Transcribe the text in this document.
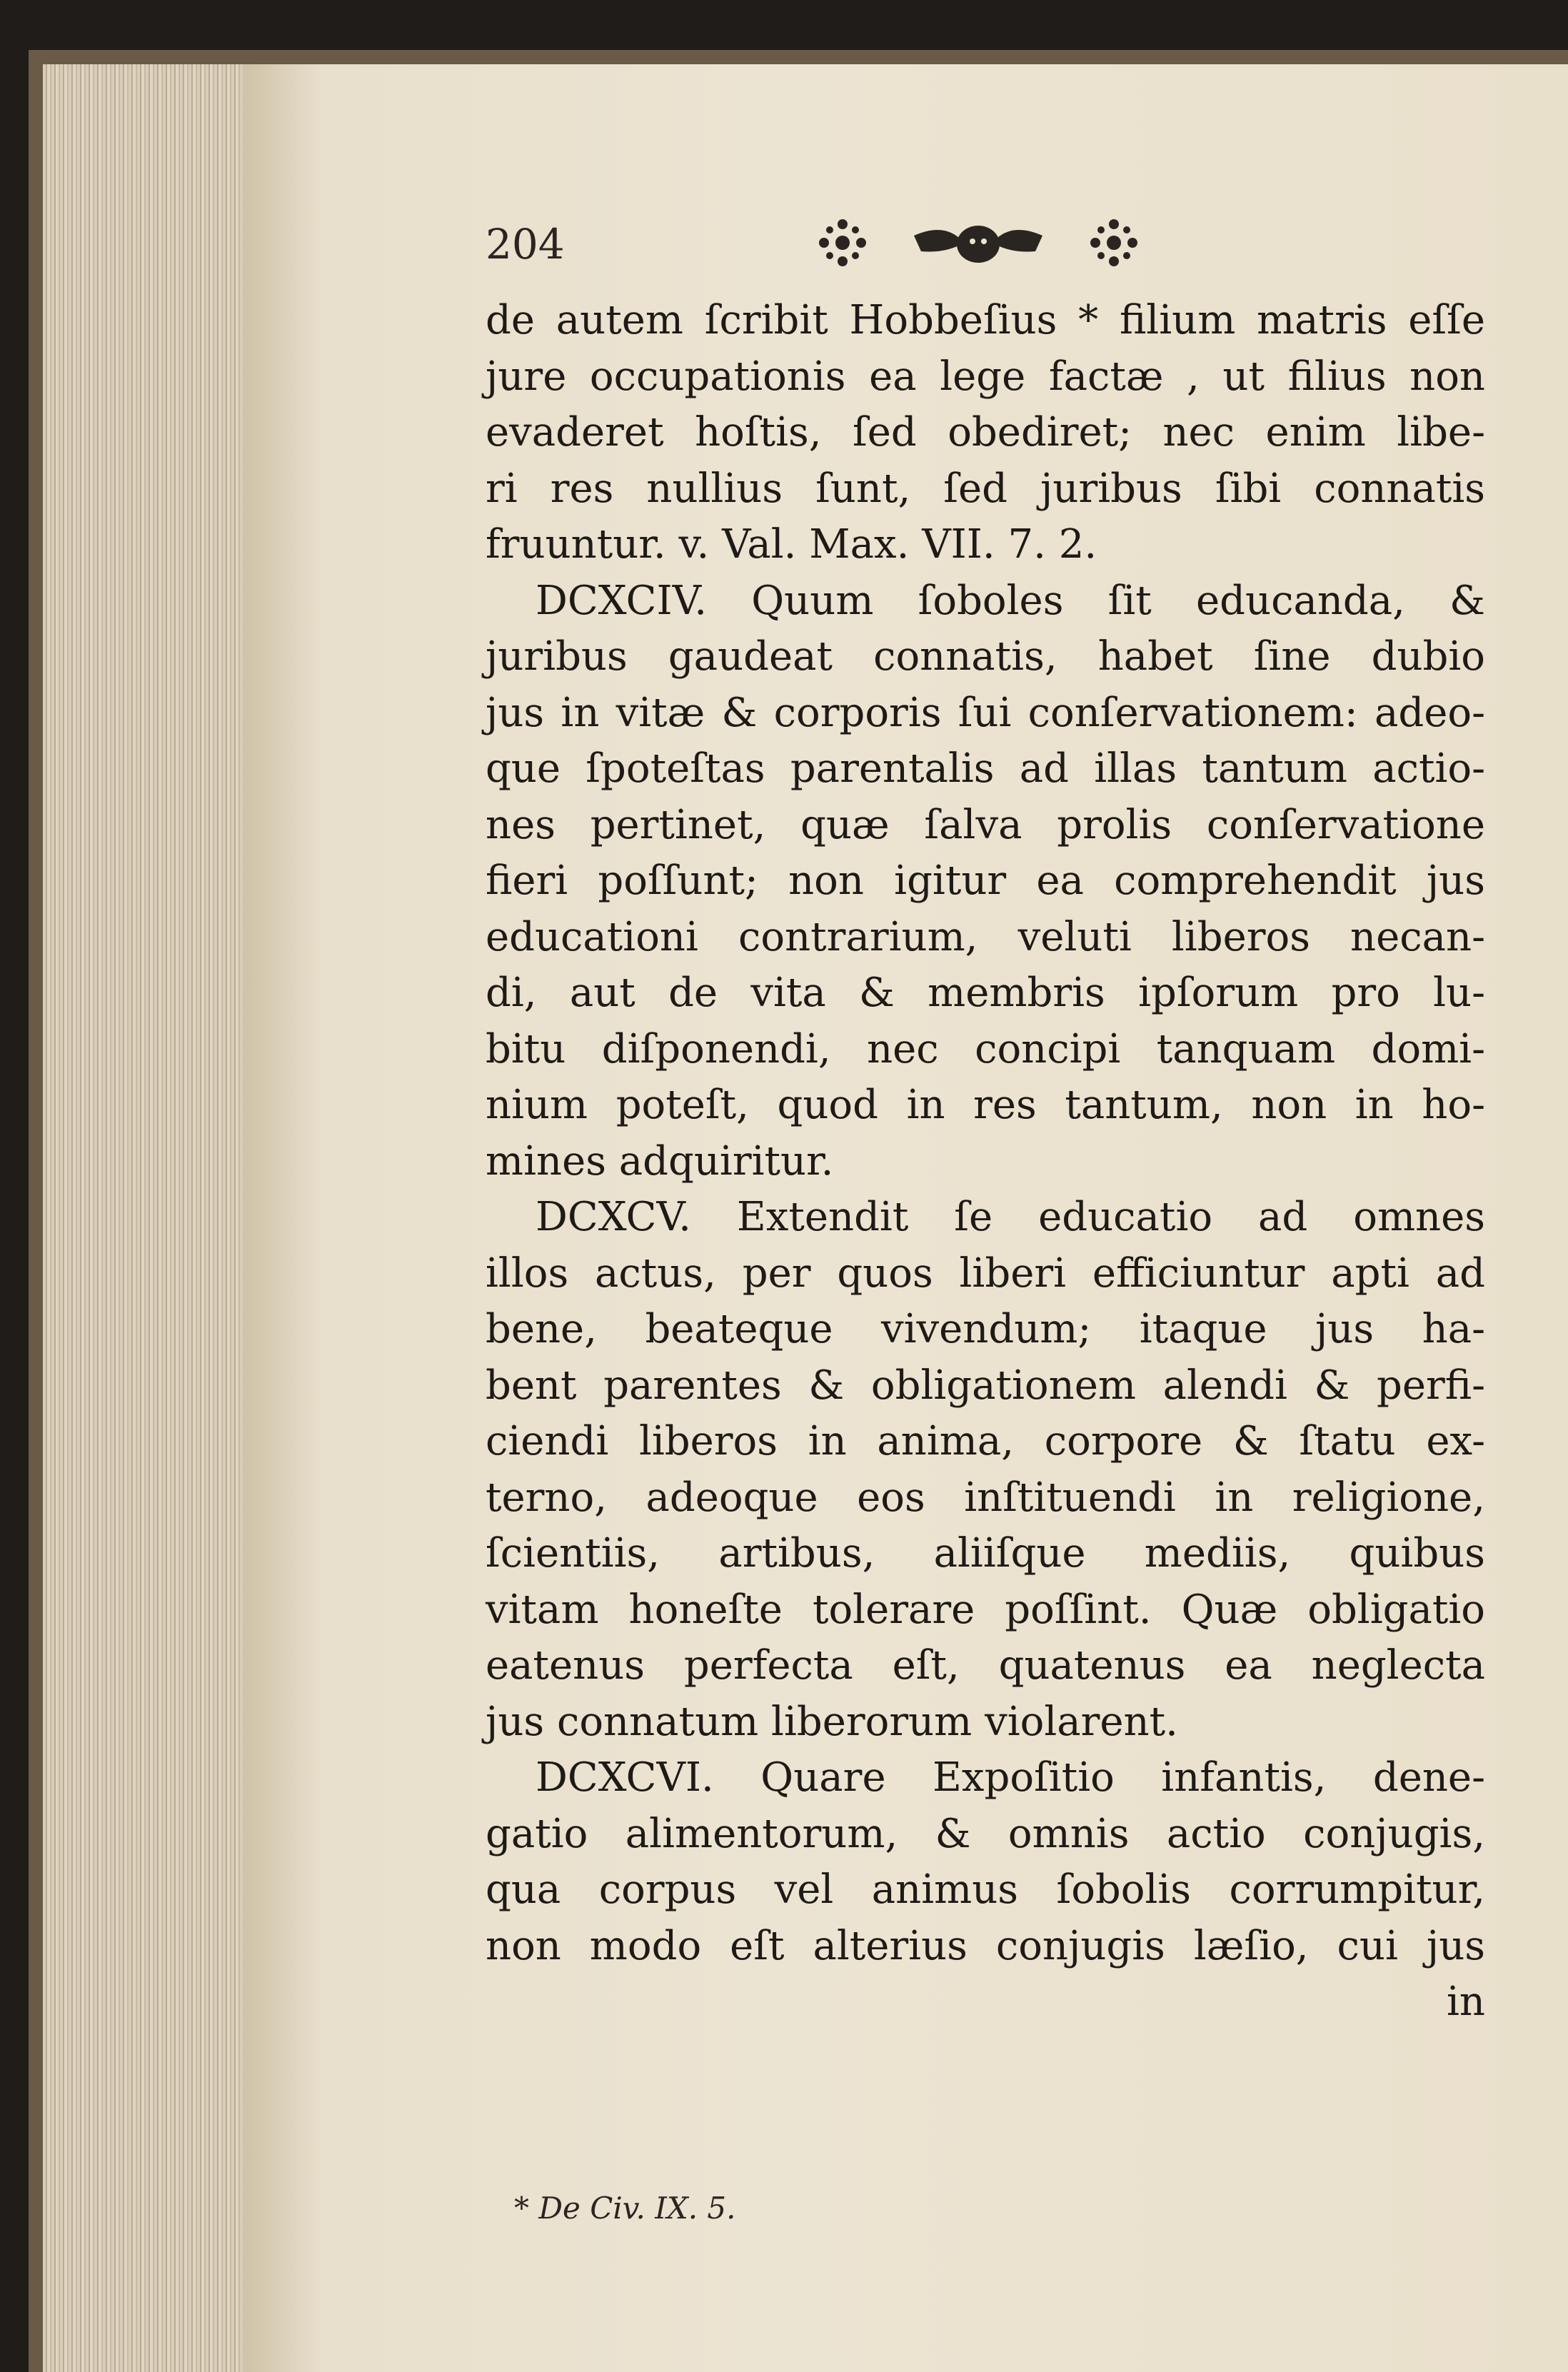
204
de autem ſcribit Hobbeſius * filium matris eſſe
jure occupationis ea lege factæ , ut filius non
evaderet hoſtis, ſed obediret; nec enim libe-
ri res nullius ſunt, ſed juribus ſibi connatis
fruuntur. v. Val. Max. VII. 7. 2.
DCXCIV. Quum ſoboles ſit educanda, &
juribus gaudeat connatis, habet ſine dubio
jus in vitæ & corporis ſui conſervationem: adeo-
que ſpoteſtas parentalis ad illas tantum actio-
nes pertinet, quæ ſalva prolis conſervatione
fieri poſſunt; non igitur ea comprehendit jus
educationi contrarium, veluti liberos necan-
di, aut de vita & membris ipſorum pro lu-
bitu diſponendi, nec concipi tanquam domi-
nium poteſt, quod in res tantum, non in ho-
mines adquiritur.
DCXCV. Extendit ſe educatio ad omnes
illos actus, per quos liberi efficiuntur apti ad
bene, beateque vivendum; itaque jus ha-
bent parentes & obligationem alendi & perfi-
ciendi liberos in anima, corpore & ſtatu ex-
terno, adeoque eos inſtituendi in religione,
ſcientiis, artibus, aliiſque mediis, quibus
vitam honeſte tolerare poſſint. Quæ obligatio
eatenus perfecta eſt, quatenus ea neglecta
jus connatum liberorum violarent.
DCXCVI. Quare Expoſitio infantis, dene-
gatio alimentorum, & omnis actio conjugis,
qua corpus vel animus ſobolis corrumpitur,
non modo eſt alterius conjugis læſio, cui jus
in
* De Civ. IX. 5.
